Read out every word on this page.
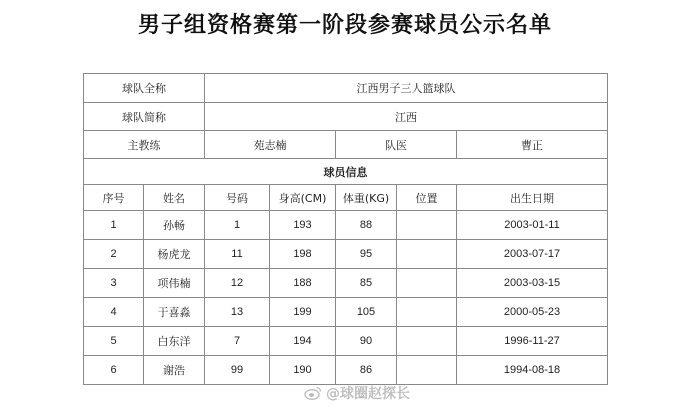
男子组资格赛第一阶段参赛球员公示名单
球队全称		江西男子三人篮球队				
球队简称		江西				
主教练		苑志楠		队医		曹正
球员信息						
序号	姓名	号码	身高(CM)	体重(KG)	位置	出生日期
1	孙畅	1	193	88		2003-01-11
2	杨虎龙	11	198	95		2003-07-17
3	项伟楠	12	188	85		2003-03-15
4	于喜淼	13	199	105		2000-05-23
5	白东洋	7	194	90		1996-11-27
6	谢浩	99	190	86		1994-08-18
@球圈赵探长
